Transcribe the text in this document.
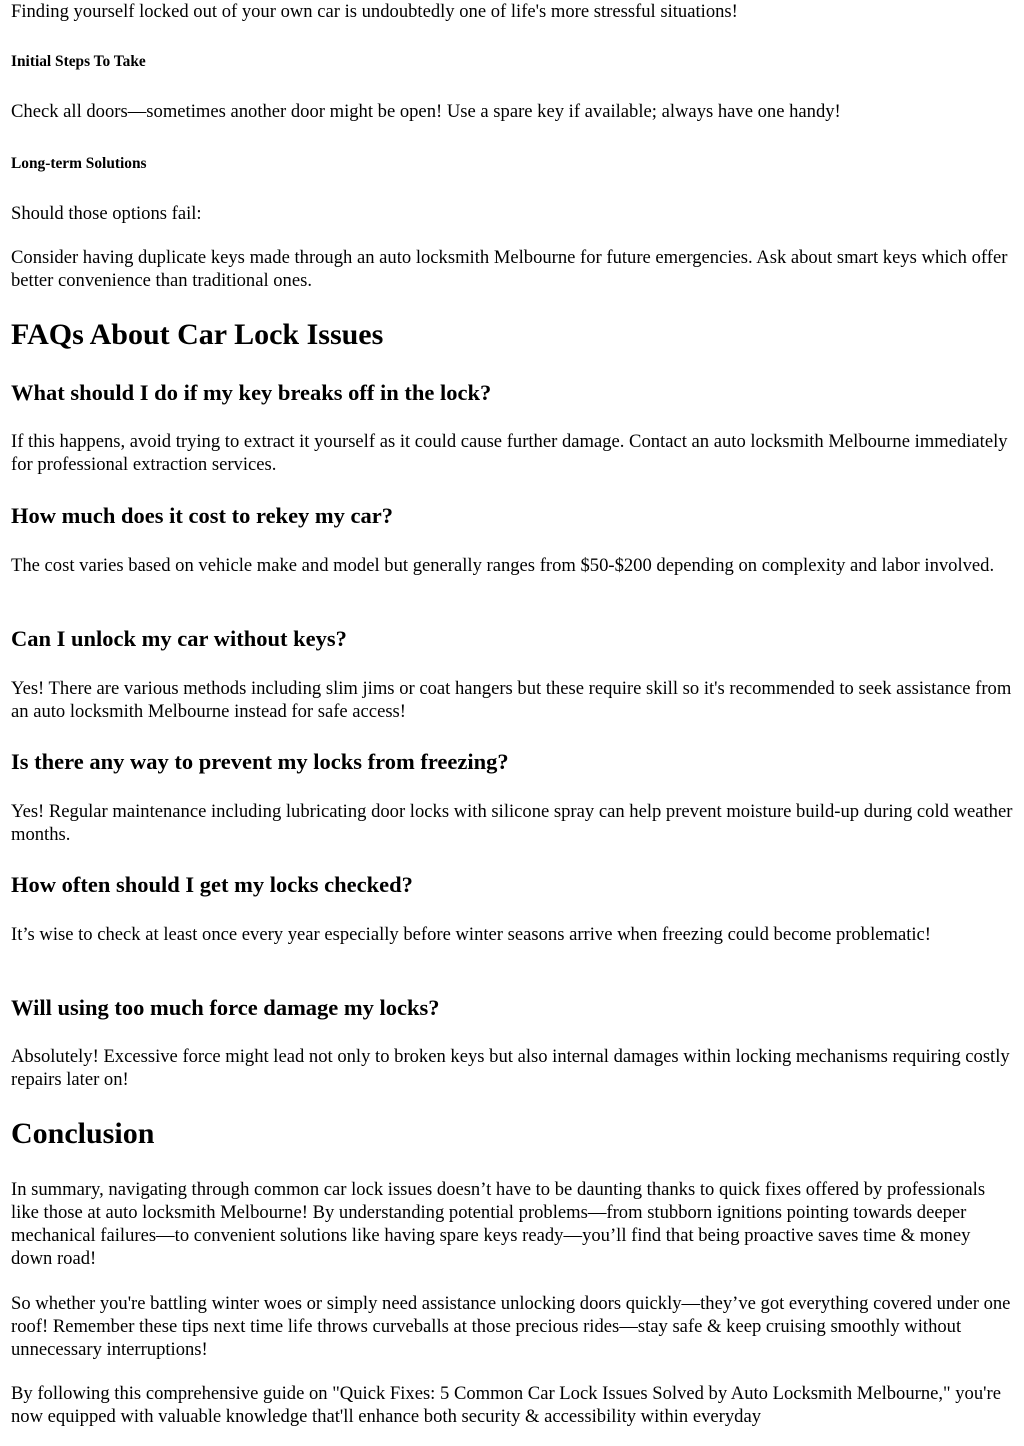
Finding yourself locked out of your own car is undoubtedly one of life's more stressful situations!

Initial Steps To Take

Check all doors—sometimes another door might be open! Use a spare key if available; always have one handy!

Long-term Solutions

Should those options fail:

Consider having duplicate keys made through an auto locksmith Melbourne for future emergencies. Ask about smart keys which offer better convenience than traditional ones.

FAQs About Car Lock Issues
What should I do if my key breaks off in the lock?

If this happens, avoid trying to extract it yourself as it could cause further damage. Contact an auto locksmith Melbourne immediately for professional extraction services.

How much does it cost to rekey my car?

The cost varies based on vehicle make and model but generally ranges from $50-$200 depending on complexity and labor involved.

Can I unlock my car without keys?

Yes! There are various methods including slim jims or coat hangers but these require skill so it's recommended to seek assistance from an auto locksmith Melbourne instead for safe access!

Is there any way to prevent my locks from freezing?

Yes! Regular maintenance including lubricating door locks with silicone spray can help prevent moisture build-up during cold weather months.

How often should I get my locks checked?

It’s wise to check at least once every year especially before winter seasons arrive when freezing could become problematic!

Will using too much force damage my locks?

Absolutely! Excessive force might lead not only to broken keys but also internal damages within locking mechanisms requiring costly repairs later on!

Conclusion

In summary, navigating through common car lock issues doesn’t have to be daunting thanks to quick fixes offered by professionals like those at auto locksmith Melbourne! By understanding potential problems—from stubborn ignitions pointing towards deeper mechanical failures—to convenient solutions like having spare keys ready—you’ll find that being proactive saves time & money down road!

So whether you're battling winter woes or simply need assistance unlocking doors quickly—they’ve got everything covered under one roof! Remember these tips next time life throws curveballs at those precious rides—stay safe & keep cruising smoothly without unnecessary interruptions!

By following this comprehensive guide on "Quick Fixes: 5 Common Car Lock Issues Solved by Auto Locksmith Melbourne," you're now equipped with valuable knowledge that'll enhance both security & accessibility within everyday
